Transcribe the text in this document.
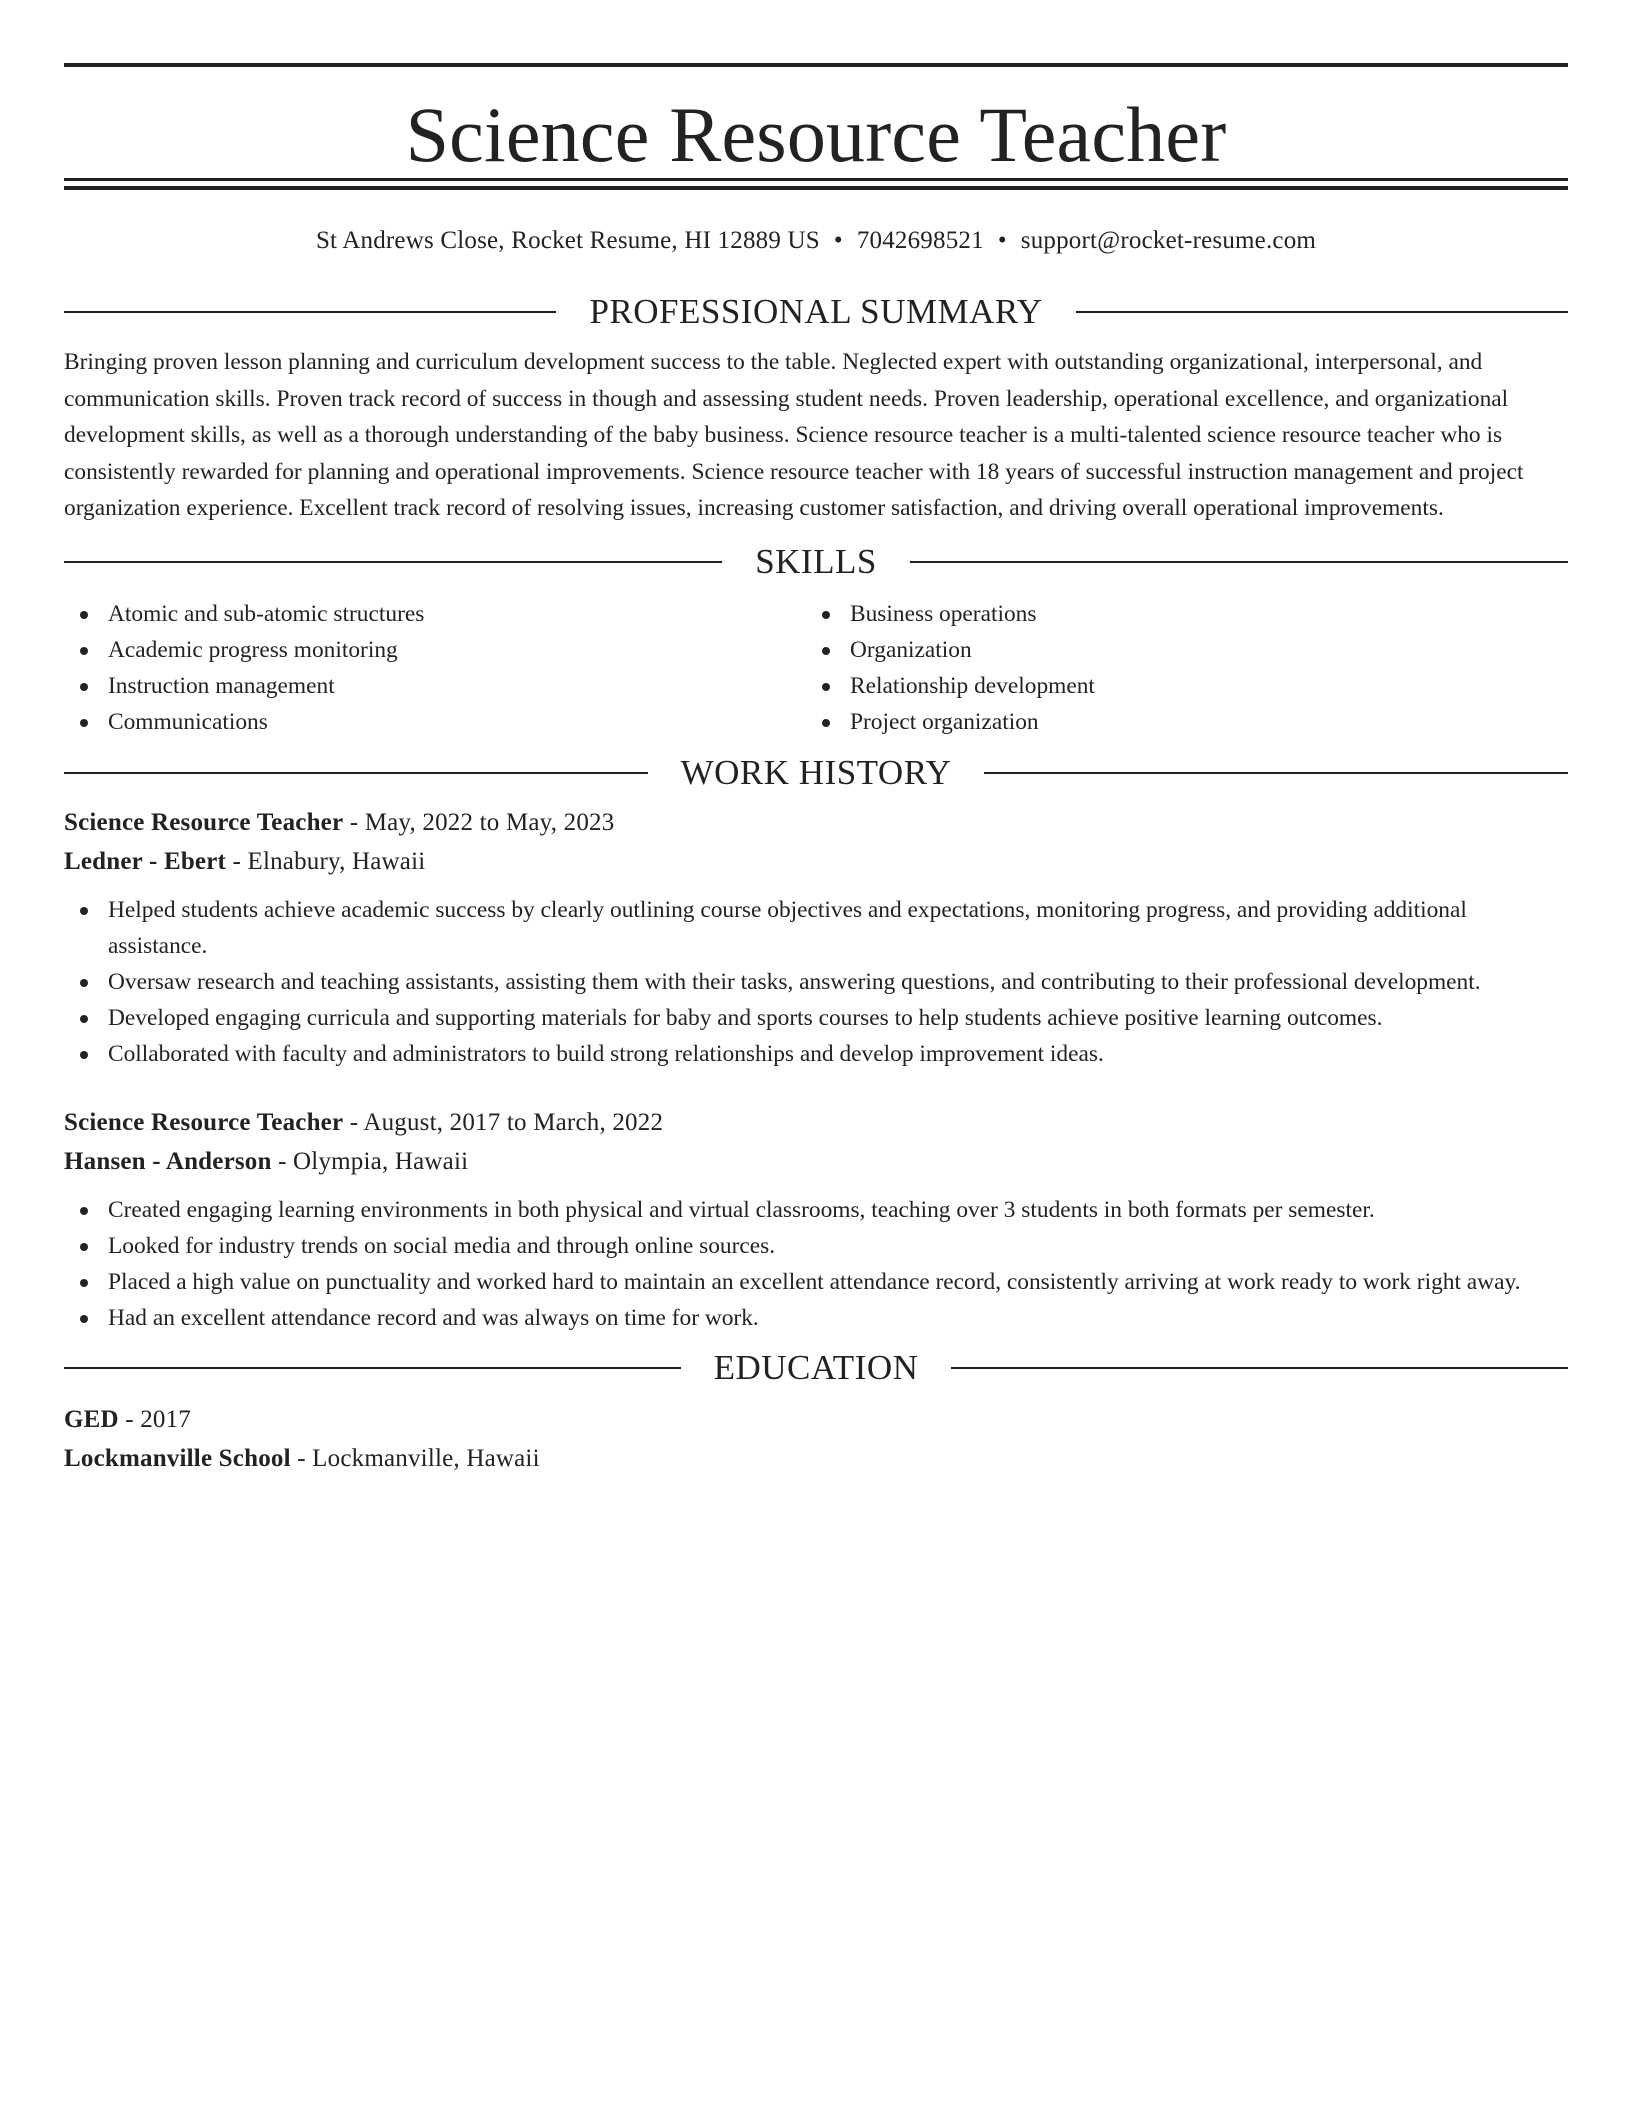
Science Resource Teacher
St Andrews Close, Rocket Resume, HI 12889 US • 7042698521 • support@rocket-resume.com
PROFESSIONAL SUMMARY

Bringing proven lesson planning and curriculum development success to the table. Neglected expert with outstanding organizational, interpersonal, and communication skills. Proven track record of success in though and assessing student needs. Proven leadership, operational excellence, and organizational development skills, as well as a thorough understanding of the baby business. Science resource teacher is a multi-talented science resource teacher who is consistently rewarded for planning and operational improvements. Science resource teacher with 18 years of successful instruction management and project organization experience. Excellent track record of resolving issues, increasing customer satisfaction, and driving overall operational improvements.

SKILLS
Atomic and sub-atomic structures
Academic progress monitoring
Instruction management
Communications
Business operations
Organization
Relationship development
Project organization
WORK HISTORY
Science Resource Teacher - May, 2022 to May, 2023
Ledner - Ebert - Elnabury, Hawaii
Helped students achieve academic success by clearly outlining course objectives and expectations, monitoring progress, and providing additional assistance.
Oversaw research and teaching assistants, assisting them with their tasks, answering questions, and contributing to their professional development.
Developed engaging curricula and supporting materials for baby and sports courses to help students achieve positive learning outcomes.
Collaborated with faculty and administrators to build strong relationships and develop improvement ideas.
Science Resource Teacher - August, 2017 to March, 2022
Hansen - Anderson - Olympia, Hawaii
Created engaging learning environments in both physical and virtual classrooms, teaching over 3 students in both formats per semester.
Looked for industry trends on social media and through online sources.
Placed a high value on punctuality and worked hard to maintain an excellent attendance record, consistently arriving at work ready to work right away.
Had an excellent attendance record and was always on time for work.
EDUCATION
GED - 2017
Lockmanville School - Lockmanville, Hawaii
